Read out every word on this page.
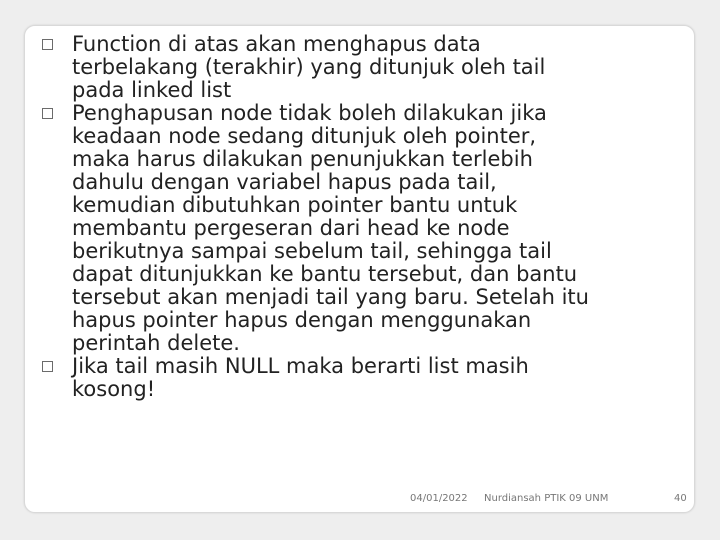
Function di atas akan menghapus data
terbelakang (terakhir) yang ditunjuk oleh tail
pada linked list
Penghapusan node tidak boleh dilakukan jika
keadaan node sedang ditunjuk oleh pointer,
maka harus dilakukan penunjukkan terlebih
dahulu dengan variabel hapus pada tail,
kemudian dibutuhkan pointer bantu untuk
membantu pergeseran dari head ke node
berikutnya sampai sebelum tail, sehingga tail
dapat ditunjukkan ke bantu tersebut, dan bantu
tersebut akan menjadi tail yang baru. Setelah itu
hapus pointer hapus dengan menggunakan
perintah delete.
Jika tail masih NULL maka berarti list masih
kosong!
04/01/2022 Nurdiansah PTIK 09 UNM	40
